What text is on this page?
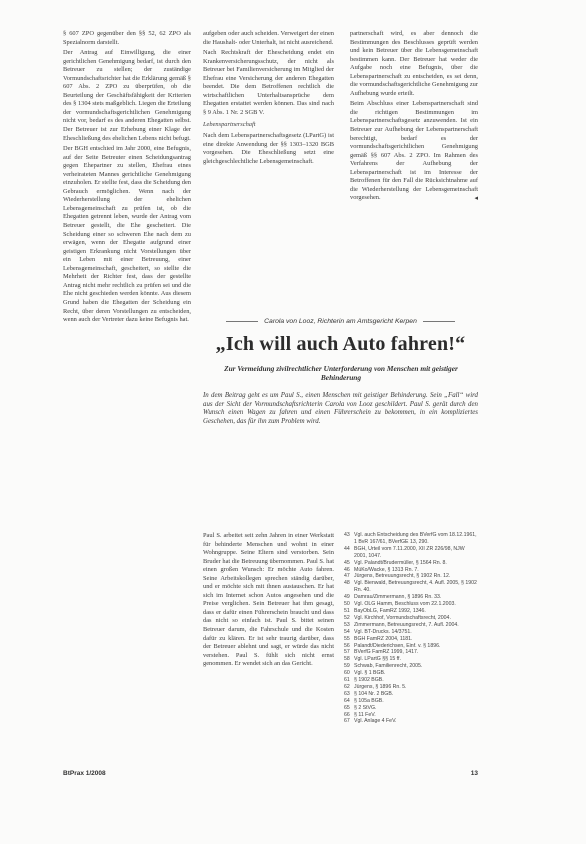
§ 607 ZPO gegenüber den §§ 52, 62 ZPO als Spezialnorm darstellt.

Der Antrag auf Einwilligung, die einer gerichtlichen Genehmigung bedarf, ist durch den Betreuer zu stellen; der zuständige Vormundschaftsrichter hat die Erklärung gemäß § 607 Abs. 2 ZPO zu überprüfen, ob die Beurteilung der Geschäftsfähigkeit der Kriterien des § 1304 stets maßgeblich. Liegen die Erteilung der vormundschaftsgerichtlichen Genehmigung nicht vor, bedarf es des anderen Ehegatten selbst. Der Betreuer ist zur Erhebung einer Klage der Eheschließung des ehelichen Lebens nicht befugt.

Der BGH entschied im Jahr 2000, eine Befugnis, auf der Seite Betreuter einen Scheidungsantrag gegen Ehepartner zu stellen, Ehefrau eines verheirateten Mannes gerichtliche Genehmigung einzuholen. Er stellte fest, dass die Scheidung den Gebrauch ermöglichen. Wenn nach der Wiederherstellung der ehelichen Lebensgemeinschaft zu prüfen ist, ob die Ehegatten getrennt leben, wurde der Antrag vom Betreuer gestellt, die Ehe gescheitert. Die Scheidung einer so schweren Ehe nach dem zu erwägen, wenn der Ehegatte aufgrund einer geistigen Erkrankung nicht Vorstellungen über ein Leben mit einer Betreuung, einer Lebensgemeinschaft, gescheitert, so stellte die Mehrheit der Richter fest, dass der gestellte Antrag nicht mehr rechtlich zu prüfen sei und die Ehe nicht geschieden werden könnte. Aus diesem Grund haben die Ehegatten der Scheidung ein Recht, über deren Vorstellungen zu entscheiden, wenn auch der Vertreter dazu keine Befugnis hat.

aufgeben oder auch scheiden. Verweigert der einen die Haushalt- oder Unterhalt, ist nicht ausreichend.

Nach Rechtskraft der Ehescheidung endet ein Krankenversicherungsschutz, der nicht als Betreuer bei Familienversicherung im Mitglied der Ehefrau eine Versicherung der anderen Ehegatten beendet. Die dem Betroffenen rechtlich die wirtschaftlichen Unterhaltsansprüche dem Ehegatten erstattet werden können. Das sind nach § 9 Abs. 1 Nr. 2 SGB V.

Lebenspartnerschaft

Nach dem Lebenspartnerschaftsgesetz (LPartG) ist eine direkte Anwendung der §§ 1303–1320 BGB vorgesehen. Die Eheschließung setzt eine gleichgeschlechtliche Lebensgemeinschaft.

partnerschaft wird, es aber dennoch die Bestimmungen des Beschlusses geprüft werden und kein Betreuer über die Lebensgemeinschaft bestimmen kann. Der Betreuer hat weder die Aufgabe noch eine Befugnis, über die Lebenspartnerschaft zu entscheiden, es sei denn, die vormundschaftsgerichtliche Genehmigung zur Aufhebung wurde erteilt.

Beim Abschluss einer Lebenspartnerschaft sind die richtigen Bestimmungen im Lebenspartnerschaftsgesetz anzuwenden. Ist ein Betreuer zur Aufhebung der Lebenspartnerschaft berechtigt, bedarf es der vormundschaftsgerichtlichen Genehmigung gemäß §§ 607 Abs. 2 ZPO. Im Rahmen des Verfahrens der Aufhebung der Lebenspartnerschaft ist im Interesse der Betroffenen für den Fall die Rücksichtnahme auf die Wiederherstellung der Lebensgemeinschaft vorgesehen.	◂

Carola von Looz, Richterin am Amtsgericht Kerpen
„Ich will auch Auto fahren!“
Zur Vermeidung zivilrechtlicher Unterforderung von Menschen mit geistiger Behinderung
In dem Beitrag geht es um Paul S., einen Menschen mit geistiger Behinderung. Sein „Fall“ wird aus der Sicht der Vormundschaftsrichterin Carola von Looz geschildert. Paul S. gerät durch den Wunsch einen Wagen zu fahren und einen Führerschein zu bekommen, in ein kompliziertes Geschehen, das für ihn zum Problem wird.

Paul S. arbeitet seit zehn Jahren in einer Werkstatt für behinderte Menschen und wohnt in einer Wohngruppe. Seine Eltern sind verstorben. Sein Bruder hat die Betreuung übernommen. Paul S. hat einen großen Wunsch: Er möchte Auto fahren. Seine Arbeitskollegen sprechen ständig darüber, und er möchte sich mit ihnen austauschen. Er hat sich im Internet schon Autos angesehen und die Preise verglichen. Sein Betreuer hat ihm gesagt, dass er dafür einen Führerschein braucht und dass das nicht so einfach ist. Paul S. bittet seinen Betreuer darum, die Fahrschule und die Kosten dafür zu klären. Er ist sehr traurig darüber, dass der Betreuer ablehnt und sagt, er würde das nicht verstehen. Paul S. fühlt sich nicht ernst genommen. Er wendet sich an das Gericht.

43 Vgl. auch Entscheidung des BVerfG vom 18.12.1961, 1 BvR 167/61, BVerfGE 13, 290.
44 BGH, Urteil vom 7.11.2000, XII ZR 226/98, NJW 2001, 1047.
45 Vgl. Palandt/Brudermüller, § 1564 Rn. 8.
46 MüKo/Wacke, § 1313 Rn. 7.
47 Jürgens, Betreuungsrecht, § 1902 Rn. 12.
48 Vgl. Bienwald, Betreuungsrecht, 4. Aufl. 2005, § 1902 Rn. 40.
49 Damrau/Zimmermann, § 1896 Rn. 33.
50 Vgl. OLG Hamm, Beschluss vom 22.1.2003.
51 BayObLG, FamRZ 1992, 1346.
52 Vgl. Kirchhof, Vormundschaftsrecht, 2004.
53 Zimmermann, Betreuungsrecht, 7. Aufl. 2004.
54 Vgl. BT-Drucks. 14/3751.
55 BGH FamRZ 2004, 1181.
56 Palandt/Diederichsen, Einf. v. § 1896.
57 BVerfG FamRZ 1999, 1417.
58 Vgl. LPartG §§ 15 ff.
59 Schwab, Familienrecht, 2005.
60 Vgl. § 1 BGB.
61 § 1902 BGB.
62 Jürgens, § 1896 Rn. 5.
63 § 104 Nr. 2 BGB.
64 § 105a BGB.
65 § 2 StVG.
66 § 11 FeV.
67 Vgl. Anlage 4 FeV.
BtPrax 1/2008	13
